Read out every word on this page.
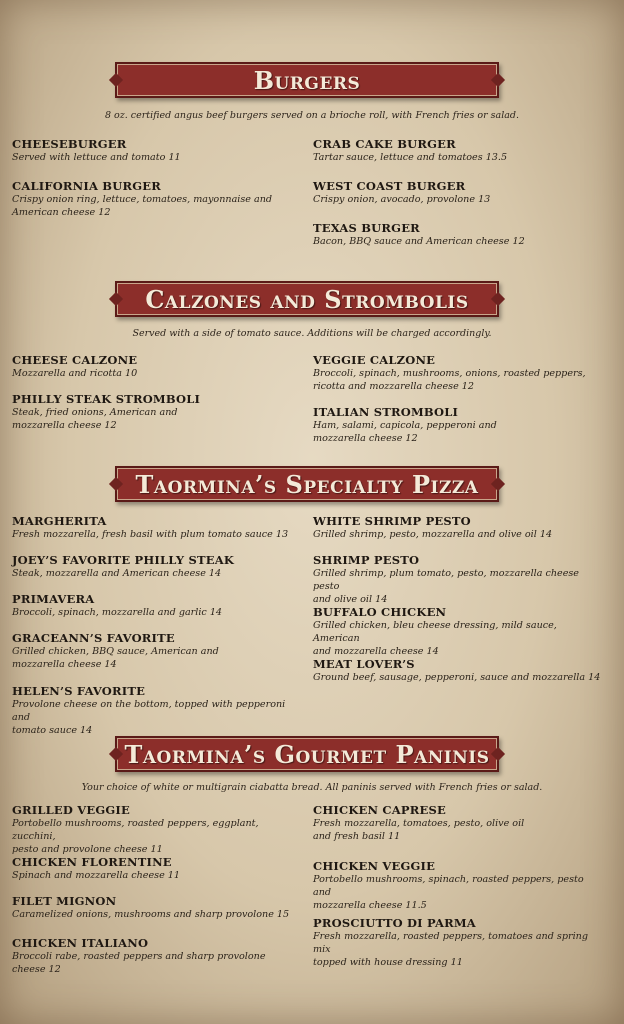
Burgers
8 oz. certified angus beef burgers served on a brioche roll, with French fries or salad.
CHEESEBURGER
Served with lettuce and tomato 11
CALIFORNIA BURGER
Crispy onion ring, lettuce, tomatoes, mayonnaise and
American cheese 12
CRAB CAKE BURGER
Tartar sauce, lettuce and tomatoes 13.5
WEST COAST BURGER
Crispy onion, avocado, provolone 13
TEXAS BURGER
Bacon, BBQ sauce and American cheese 12
Calzones and Strombolis
Served with a side of tomato sauce. Additions will be charged accordingly.
CHEESE CALZONE
Mozzarella and ricotta 10
PHILLY STEAK STROMBOLI
Steak, fried onions, American and
mozzarella cheese 12
VEGGIE CALZONE
Broccoli, spinach, mushrooms, onions, roasted peppers,
ricotta and mozzarella cheese 12
ITALIAN STROMBOLI
Ham, salami, capicola, pepperoni and
mozzarella cheese 12
Taormina’s Specialty Pizza
MARGHERITA
Fresh mozzarella, fresh basil with plum tomato sauce 13
JOEY’S FAVORITE PHILLY STEAK
Steak, mozzarella and American cheese 14
PRIMAVERA
Broccoli, spinach, mozzarella and garlic 14
GRACEANN’S FAVORITE
Grilled chicken, BBQ sauce, American and
mozzarella cheese 14
HELEN’S FAVORITE
Provolone cheese on the bottom, topped with pepperoni and
tomato sauce 14
WHITE SHRIMP PESTO
Grilled shrimp, pesto, mozzarella and olive oil 14
SHRIMP PESTO
Grilled shrimp, plum tomato, pesto, mozzarella cheese pesto
and olive oil 14
BUFFALO CHICKEN
Grilled chicken, bleu cheese dressing, mild sauce, American
and mozzarella cheese 14
MEAT LOVER’S
Ground beef, sausage, pepperoni, sauce and mozzarella 14
Taormina’s Gourmet Paninis
Your choice of white or multigrain ciabatta bread. All paninis served with French fries or salad.
GRILLED VEGGIE
Portobello mushrooms, roasted peppers, eggplant, zucchini,
pesto and provolone cheese 11
CHICKEN FLORENTINE
Spinach and mozzarella cheese 11
FILET MIGNON
Caramelized onions, mushrooms and sharp provolone 15
CHICKEN ITALIANO
Broccoli rabe, roasted peppers and sharp provolone cheese 12
CHICKEN CAPRESE
Fresh mozzarella, tomatoes, pesto, olive oil
and fresh basil 11
CHICKEN VEGGIE
Portobello mushrooms, spinach, roasted peppers, pesto and
mozzarella cheese 11.5
PROSCIUTTO DI PARMA
Fresh mozzarella, roasted peppers, tomatoes and spring mix
topped with house dressing 11
